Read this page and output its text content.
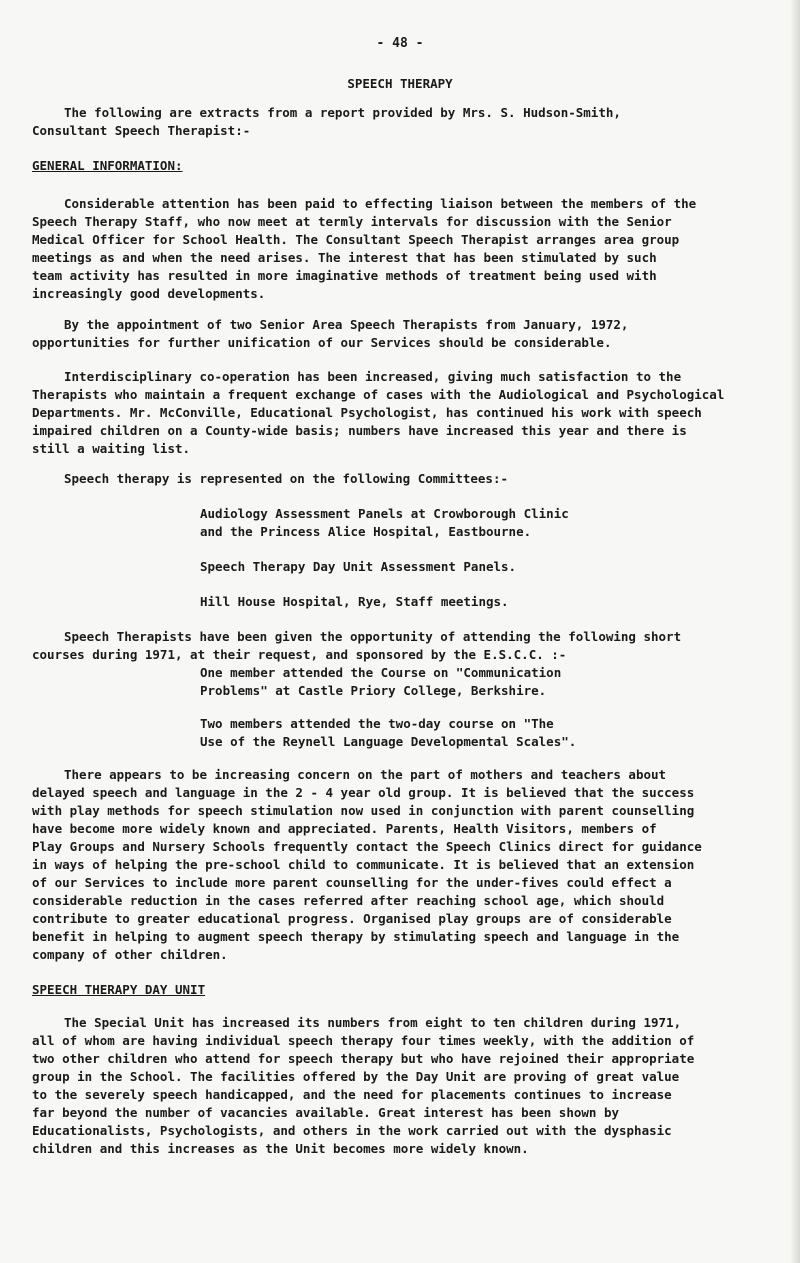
- 48 -
SPEECH THERAPY
The following are extracts from a report provided by Mrs. S. Hudson-Smith,
Consultant Speech Therapist:-
GENERAL INFORMATION:
Considerable attention has been paid to effecting liaison between the members of the
Speech Therapy Staff, who now meet at termly intervals for discussion with the Senior
Medical Officer for School Health. The Consultant Speech Therapist arranges area group
meetings as and when the need arises. The interest that has been stimulated by such
team activity has resulted in more imaginative methods of treatment being used with
increasingly good developments.
By the appointment of two Senior Area Speech Therapists from January, 1972,
opportunities for further unification of our Services should be considerable.
Interdisciplinary co-operation has been increased, giving much satisfaction to the
Therapists who maintain a frequent exchange of cases with the Audiological and Psychological
Departments. Mr. McConville, Educational Psychologist, has continued his work with speech
impaired children on a County-wide basis; numbers have increased this year and there is
still a waiting list.
Speech therapy is represented on the following Committees:-
Audiology Assessment Panels at Crowborough Clinic
and the Princess Alice Hospital, Eastbourne.
Speech Therapy Day Unit Assessment Panels.
Hill House Hospital, Rye, Staff meetings.
Speech Therapists have been given the opportunity of attending the following short
courses during 1971, at their request, and sponsored by the E.S.C.C. :-
One member attended the Course on "Communication
Problems" at Castle Priory College, Berkshire.
Two members attended the two-day course on "The
Use of the Reynell Language Developmental Scales".
There appears to be increasing concern on the part of mothers and teachers about
delayed speech and language in the 2 - 4 year old group. It is believed that the success
with play methods for speech stimulation now used in conjunction with parent counselling
have become more widely known and appreciated. Parents, Health Visitors, members of
Play Groups and Nursery Schools frequently contact the Speech Clinics direct for guidance
in ways of helping the pre-school child to communicate. It is believed that an extension
of our Services to include more parent counselling for the under-fives could effect a
considerable reduction in the cases referred after reaching school age, which should
contribute to greater educational progress. Organised play groups are of considerable
benefit in helping to augment speech therapy by stimulating speech and language in the
company of other children.
SPEECH THERAPY DAY UNIT
The Special Unit has increased its numbers from eight to ten children during 1971,
all of whom are having individual speech therapy four times weekly, with the addition of
two other children who attend for speech therapy but who have rejoined their appropriate
group in the School. The facilities offered by the Day Unit are proving of great value
to the severely speech handicapped, and the need for placements continues to increase
far beyond the number of vacancies available. Great interest has been shown by
Educationalists, Psychologists, and others in the work carried out with the dysphasic
children and this increases as the Unit becomes more widely known.
